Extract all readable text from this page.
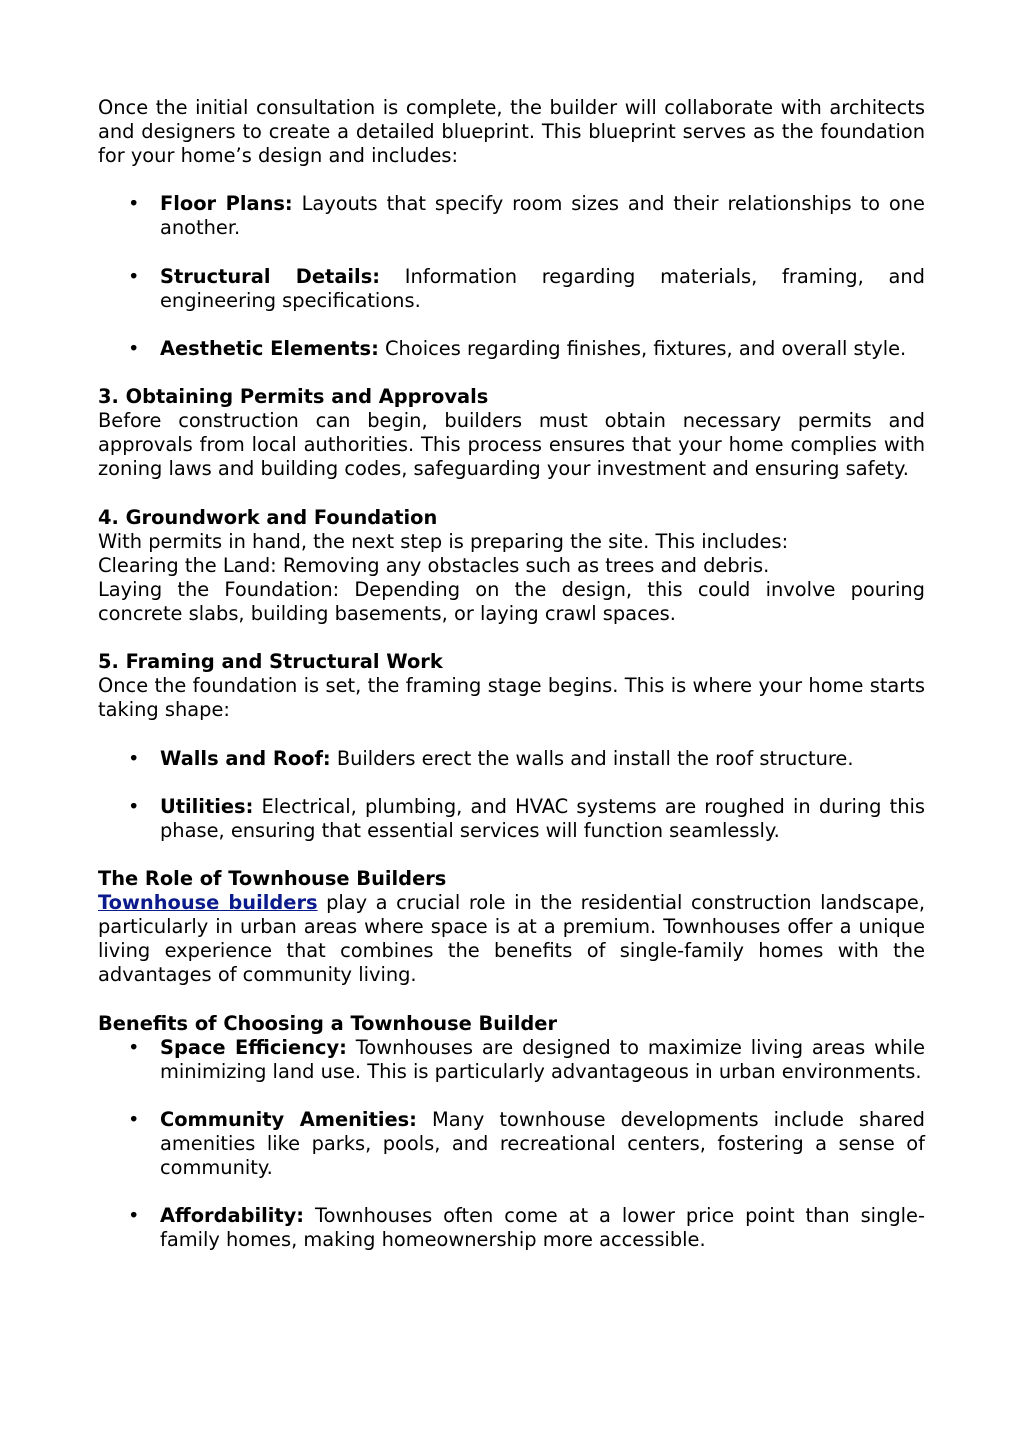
Once the initial consultation is complete, the builder will collaborate with architects and designers to create a detailed blueprint. This blueprint serves as the foundation for your home’s design and includes:

• Floor Plans: Layouts that specify room sizes and their relationships to one another.
• Structural Details: Information regarding materials, framing, and engineering specifications.
• Aesthetic Elements: Choices regarding finishes, fixtures, and overall style.

3. Obtaining Permits and Approvals

Before construction can begin, builders must obtain necessary permits and approvals from local authorities. This process ensures that your home complies with zoning laws and building codes, safeguarding your investment and ensuring safety.

4. Groundwork and Foundation

With permits in hand, the next step is preparing the site. This includes:

Clearing the Land: Removing any obstacles such as trees and debris.

Laying the Foundation: Depending on the design, this could involve pouring concrete slabs, building basements, or laying crawl spaces.

5. Framing and Structural Work

Once the foundation is set, the framing stage begins. This is where your home starts taking shape:

• Walls and Roof: Builders erect the walls and install the roof structure.
• Utilities: Electrical, plumbing, and HVAC systems are roughed in during this phase, ensuring that essential services will function seamlessly.

The Role of Townhouse Builders

Townhouse builders play a crucial role in the residential construction landscape, particularly in urban areas where space is at a premium. Townhouses offer a unique living experience that combines the benefits of single-family homes with the advantages of community living.

Benefits of Choosing a Townhouse Builder

• Space Efficiency: Townhouses are designed to maximize living areas while minimizing land use. This is particularly advantageous in urban environments.
• Community Amenities: Many townhouse developments include shared amenities like parks, pools, and recreational centers, fostering a sense of community.
• Affordability: Townhouses often come at a lower price point than single-family homes, making homeownership more accessible.
